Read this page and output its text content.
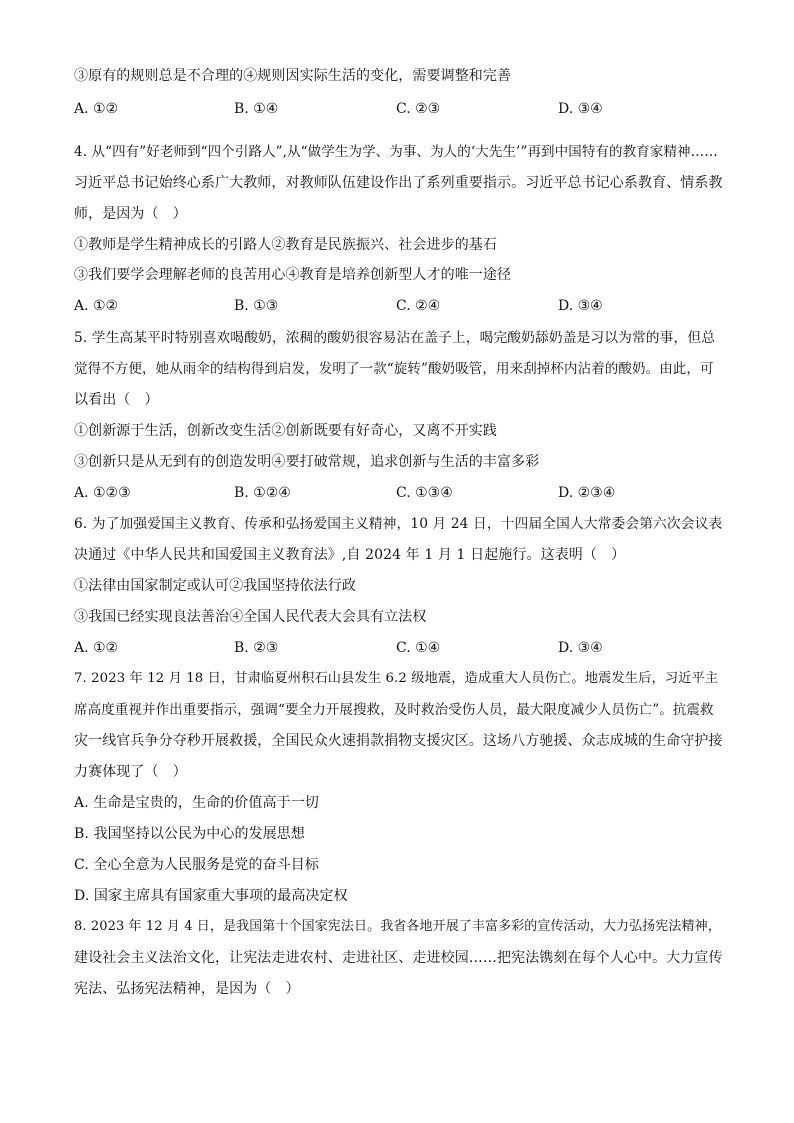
③原有的规则总是不合理的④规则因实际生活的变化，需要调整和完善
A. ①②	B. ①④	C. ②③	D. ③④
4. 从“四有”好老师到“四个引路人”,从“做学生为学、为事、为人的‘大先生’”再到中国特有的教育家精神……
习近平总书记始终心系广大教师，对教师队伍建设作出了系列重要指示。习近平总书记心系教育、情系教
师，是因为（　）
①教师是学生精神成长的引路人②教育是民族振兴、社会进步的基石
③我们要学会理解老师的良苦用心④教育是培养创新型人才的唯一途径
A. ①②	B. ①③	C. ②④	D. ③④
5. 学生高某平时特别喜欢喝酸奶，浓稠的酸奶很容易沾在盖子上，喝完酸奶舔奶盖是习以为常的事，但总
觉得不方便，她从雨伞的结构得到启发，发明了一款“旋转”酸奶吸管，用来刮掉杯内沾着的酸奶。由此，可
以看出（　）
①创新源于生活，创新改变生活②创新既要有好奇心，又离不开实践
③创新只是从无到有的创造发明④要打破常规，追求创新与生活的丰富多彩
A. ①②③	B. ①②④	C. ①③④	D. ②③④
6. 为了加强爱国主义教育、传承和弘扬爱国主义精神，10 月 24 日，十四届全国人大常委会第六次会议表
决通过《中华人民共和国爱国主义教育法》,自 2024 年 1 月 1 日起施行。这表明（　）
①法律由国家制定或认可②我国坚持依法行政
③我国已经实现良法善治④全国人民代表大会具有立法权
A. ①②	B. ②③	C. ①④	D. ③④
7. 2023 年 12 月 18 日，甘肃临夏州积石山县发生 6.2 级地震，造成重大人员伤亡。地震发生后，习近平主
席高度重视并作出重要指示，强调“要全力开展搜救，及时救治受伤人员，最大限度减少人员伤亡”。抗震救
灾一线官兵争分夺秒开展救援，全国民众火速捐款捐物支援灾区。这场八方驰援、众志成城的生命守护接
力赛体现了（　）
A. 生命是宝贵的，生命的价值高于一切
B. 我国坚持以公民为中心的发展思想
C. 全心全意为人民服务是党的奋斗目标
D. 国家主席具有国家重大事项的最高决定权
8. 2023 年 12 月 4 日，是我国第十个国家宪法日。我省各地开展了丰富多彩的宣传活动，大力弘扬宪法精神，
建设社会主义法治文化，让宪法走进农村、走进社区、走进校园……把宪法镌刻在每个人心中。大力宣传
宪法、弘扬宪法精神，是因为（　）
